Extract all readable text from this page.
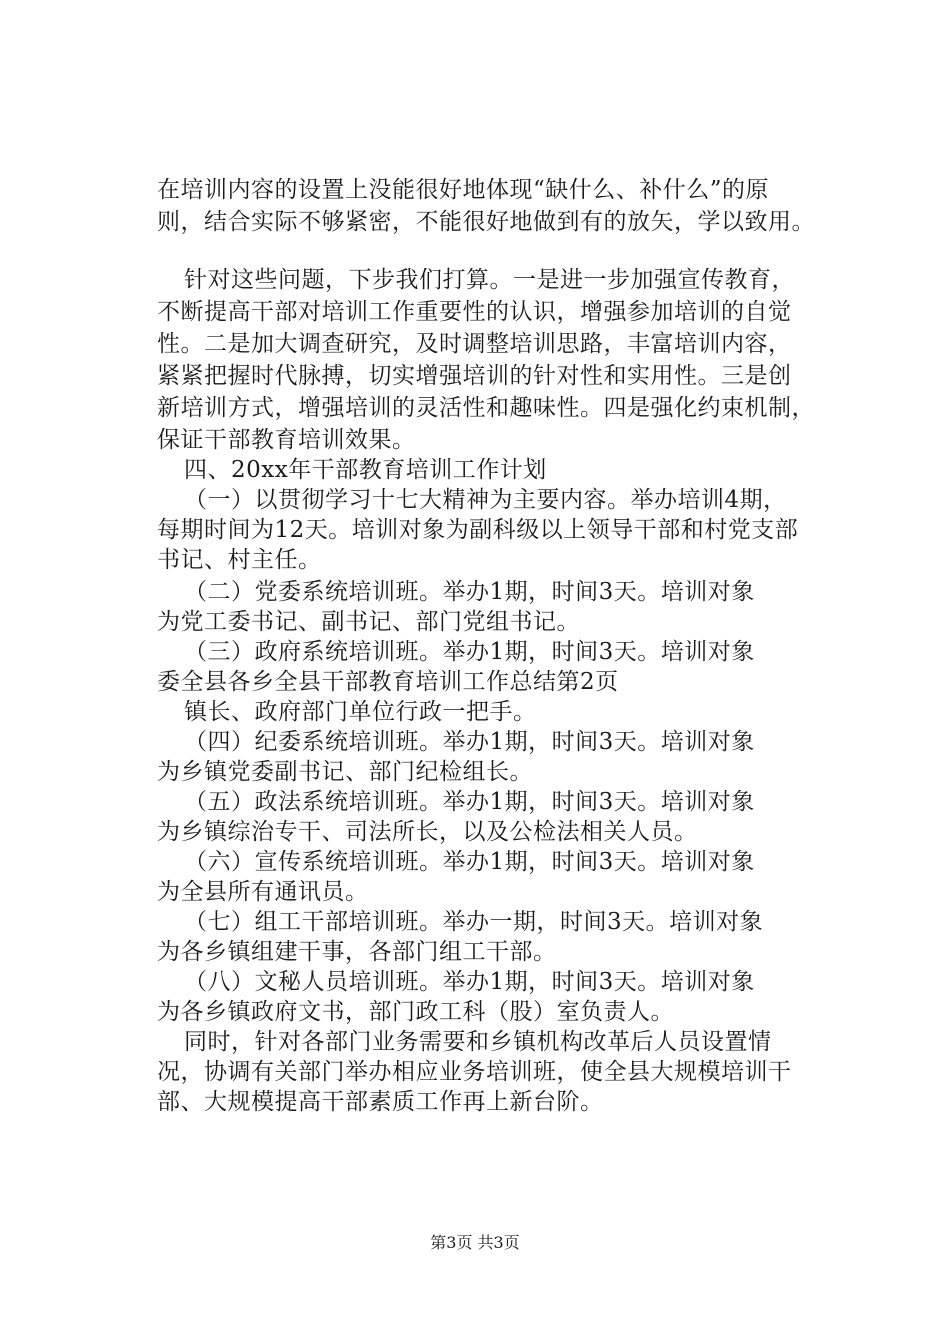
在培训内容的设置上没能很好地体现“缺什么、补什么”的原
则，结合实际不够紧密，不能很好地做到有的放矢，学以致用。
针对这些问题，下步我们打算。一是进一步加强宣传教育，
不断提高干部对培训工作重要性的认识，增强参加培训的自觉
性。二是加大调查研究，及时调整培训思路，丰富培训内容，
紧紧把握时代脉搏，切实增强培训的针对性和实用性。三是创
新培训方式，增强培训的灵活性和趣味性。四是强化约束机制，
保证干部教育培训效果。
四、20xx年干部教育培训工作计划
（一）以贯彻学习十七大精神为主要内容。举办培训4期，
每期时间为12天。培训对象为副科级以上领导干部和村党支部
书记、村主任。
（二）党委系统培训班。举办1期，时间3天。培训对象
为党工委书记、副书记、部门党组书记。
（三）政府系统培训班。举办1期，时间3天。培训对象
委全县各乡全县干部教育培训工作总结第2页
镇长、政府部门单位行政一把手。
（四）纪委系统培训班。举办1期，时间3天。培训对象
为乡镇党委副书记、部门纪检组长。
（五）政法系统培训班。举办1期，时间3天。培训对象
为乡镇综治专干、司法所长，以及公检法相关人员。
（六）宣传系统培训班。举办1期，时间3天。培训对象
为全县所有通讯员。
（七）组工干部培训班。举办一期，时间3天。培训对象
为各乡镇组建干事，各部门组工干部。
（八）文秘人员培训班。举办1期，时间3天。培训对象
为各乡镇政府文书，部门政工科（股）室负责人。
同时，针对各部门业务需要和乡镇机构改革后人员设置情
况，协调有关部门举办相应业务培训班，使全县大规模培训干
部、大规模提高干部素质工作再上新台阶。
第3页 共3页
